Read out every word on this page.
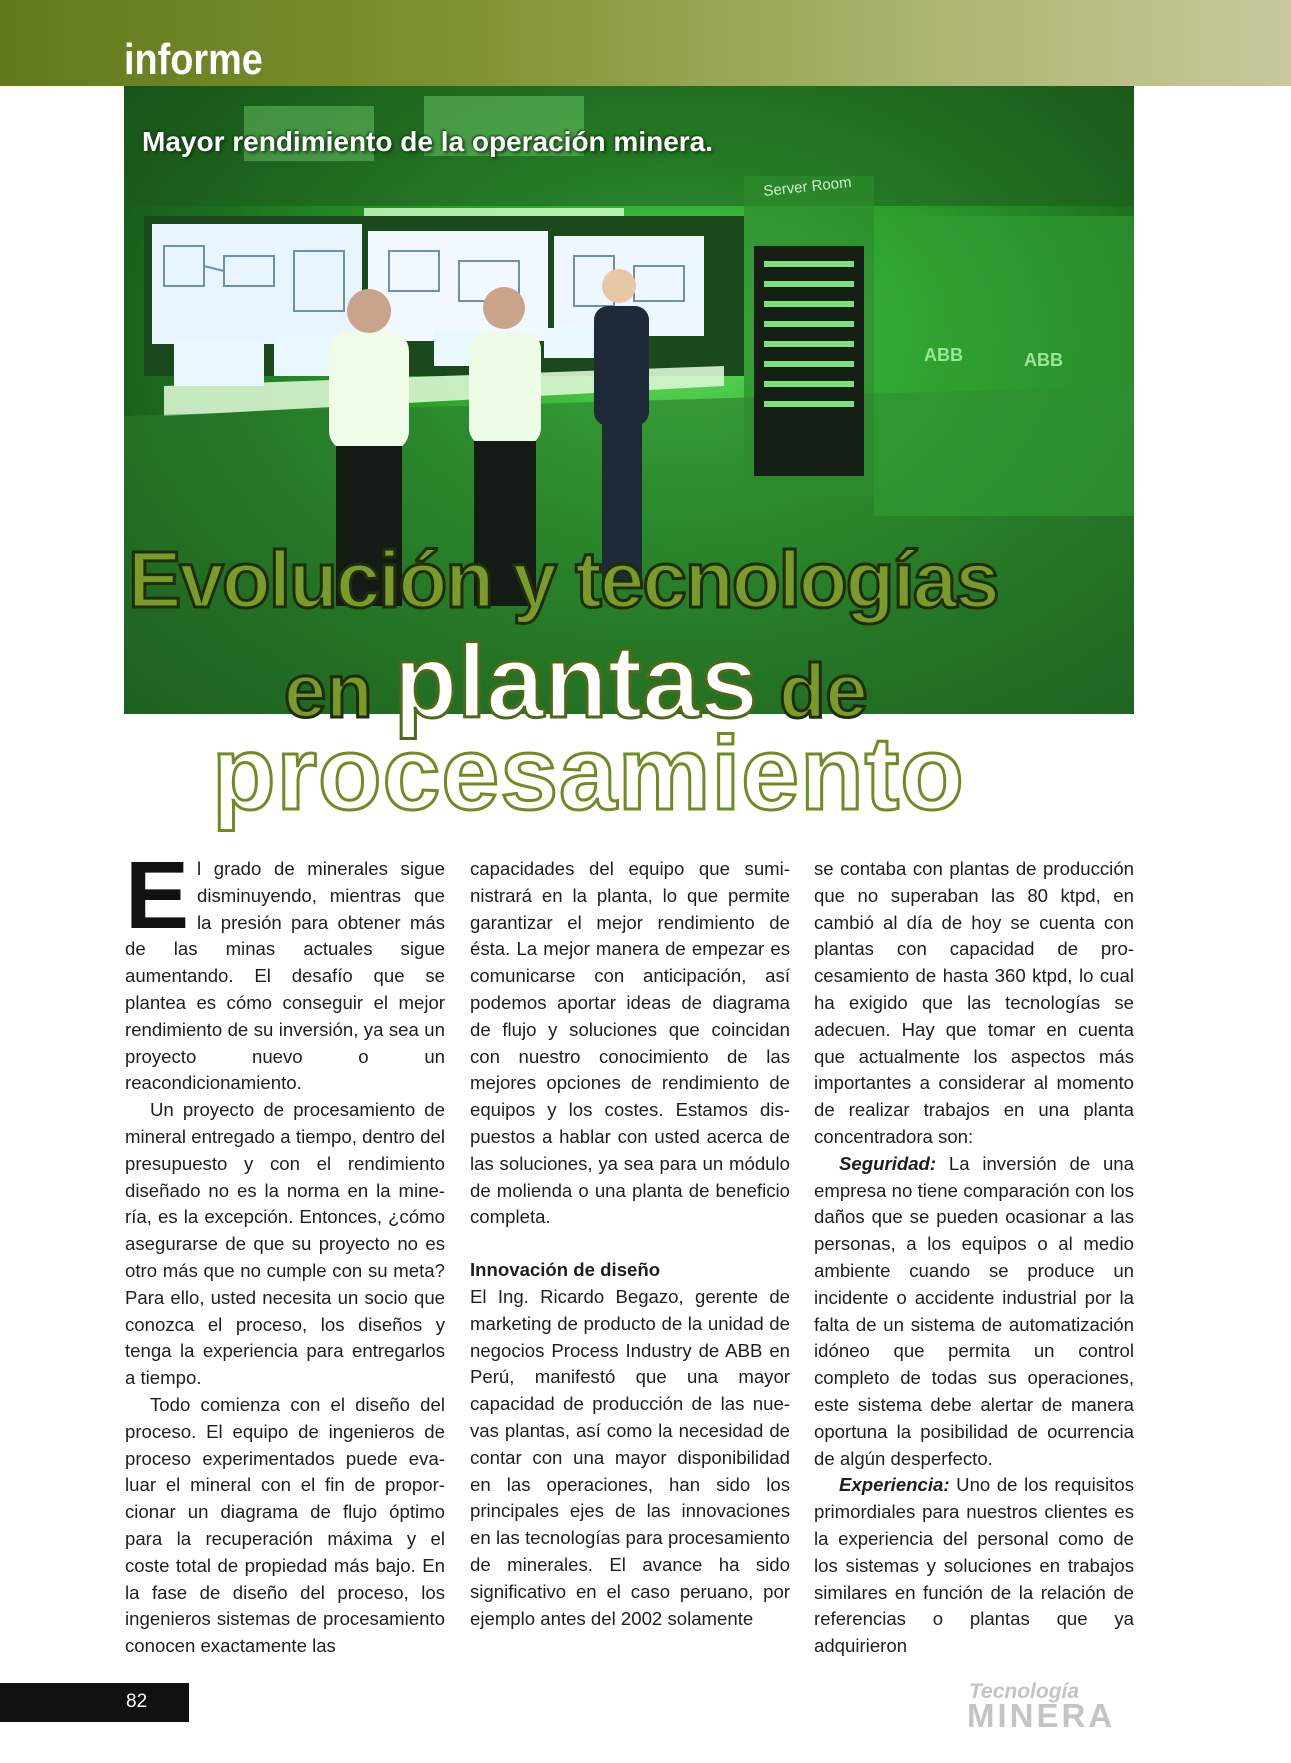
informe
Server Room
ABB	ABB
Mayor rendimiento de la operación minera.
Evolución y tecnologías
en plantas de
procesamiento

El grado de minerales sigue disminuyendo, mientras que la presión para obtener más de las minas actuales sigue aumentando. El desafío que se plantea es cómo conseguir el mejor rendimiento de su inversión, ya sea un proyecto nuevo o un reacondicionamiento.

Un proyecto de procesamiento de mineral entregado a tiempo, dentro del presupuesto y con el rendimiento diseñado no es la norma en la minería, es la excepción. Entonces, ¿cómo asegurarse de que su proyecto no es otro más que no cumple con su meta? Para ello, usted necesita un socio que conozca el proceso, los diseños y tenga la experiencia para entregarlos a tiempo.

Todo comienza con el diseño del proceso. El equipo de ingenieros de proceso experimentados puede evaluar el mineral con el fin de proporcionar un diagrama de flujo óptimo para la recuperación máxima y el coste total de propiedad más bajo. En la fase de diseño del proceso, los ingenieros sistemas de procesamiento conocen exactamente las

capacidades del equipo que suministrará en la planta, lo que permite garantizar el mejor rendimiento de ésta. La mejor manera de empezar es comunicarse con anticipación, así podemos aportar ideas de diagrama de flujo y soluciones que coincidan con nuestro conocimiento de las mejores opciones de rendimiento de equipos y los costes. Estamos dispuestos a hablar con usted acerca de las soluciones, ya sea para un módulo de molienda o una planta de beneficio completa.

Innovación de diseño

El Ing. Ricardo Begazo, gerente de marketing de producto de la unidad de negocios Process Industry de ABB en Perú, manifestó que una mayor capacidad de producción de las nuevas plantas, así como la necesidad de contar con una mayor disponibilidad en las operaciones, han sido los principales ejes de las innovaciones en las tecnologías para procesamiento de minerales. El avance ha sido significativo en el caso peruano, por ejemplo antes del 2002 solamente

se contaba con plantas de producción que no superaban las 80 ktpd, en cambió al día de hoy se cuenta con plantas con capacidad de procesamiento de hasta 360 ktpd, lo cual ha exigido que las tecnologías se adecuen. Hay que tomar en cuenta que actualmente los aspectos más importantes a considerar al momento de realizar trabajos en una planta concentradora son:

Seguridad: La inversión de una empresa no tiene comparación con los daños que se pueden ocasionar a las personas, a los equipos o al medio ambiente cuando se produce un incidente o accidente industrial por la falta de un sistema de automatización idóneo que permita un control completo de todas sus operaciones, este sistema debe alertar de manera oportuna la posibilidad de ocurrencia de algún desperfecto.

Experiencia: Uno de los requisitos primordiales para nuestros clientes es la experiencia del personal como de los sistemas y soluciones en trabajos similares en función de la relación de referencias o plantas que ya adquirieron

82	Tecnología
MINERA
